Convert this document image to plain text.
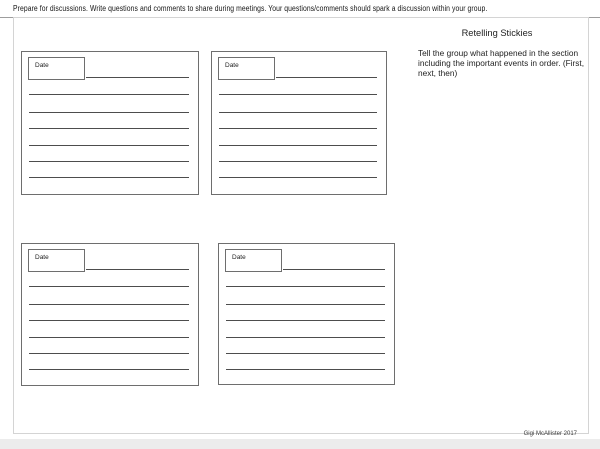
Prepare for discussions. Write questions and comments to share during meetings. Your questions/comments should spark a discussion within your group.
Retelling Stickies
Tell the group what happened in the section including the important events in order. (First, next, then)
Date	Date
Date	Date
Gigi McAllister 2017
